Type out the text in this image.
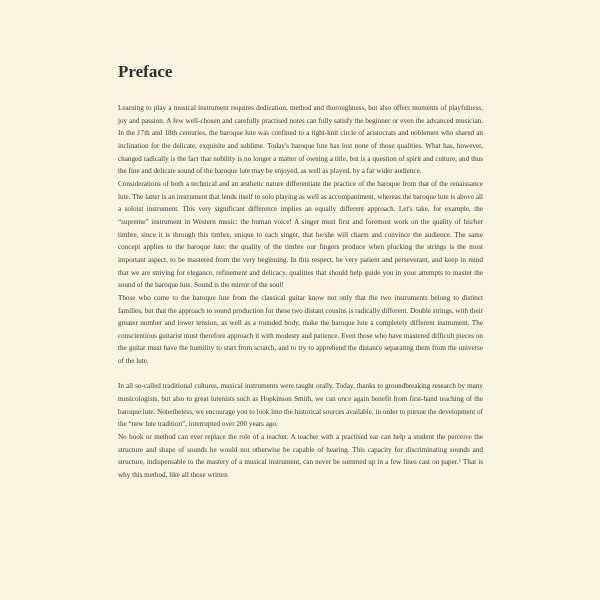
Preface

Learning to play a musical instrument requires dedication, method and thoroughness, but also offers moments of playfulness, joy and passion. A few well-chosen and carefully practised notes can fully satisfy the beginner or even the advanced musician. In the 17th and 18th centuries, the baroque lute was confined to a tight-knit circle of aristocrats and noblemen who shared an inclination for the delicate, exquisite and sublime. Today's baroque lute has lost none of those qualities. What has, however, changed radically is the fact that nobility is no longer a matter of owning a title, but is a question of spirit and culture, and thus the fine and delicate sound of the baroque lute may be enjoyed, as well as played, by a far wider audience.

Considerations of both a technical and an æsthetic nature differentiate the practice of the baroque from that of the renaissance lute. The latter is an instrument that lends itself to solo playing as well as accompaniment, whereas the baroque lute is above all a soloist instrument. This very significant difference implies an equally different approach. Let's take, for example, the “supreme” instrument in Western music: the human voice! A singer must first and foremost work on the quality of his/her timbre, since it is through this timbre, unique to each singer, that he/she will charm and convince the audience. The same concept applies to the baroque lute: the quality of the timbre our fingers produce when plucking the strings is the most important aspect, to be mastered from the very beginning. In this respect, be very patient and perseverant, and keep in mind that we are striving for elegance, refinement and delicacy, qualities that should help guide you in your attempts to master the sound of the baroque lute. Sound is the mirror of the soul!

Those who come to the baroque lute from the classical guitar know not only that the two instruments belong to distinct families, but that the approach to sound production for these two distant cousins is radically different. Double strings, with their greater number and lower tension, as well as a rounded body, make the baroque lute a completely different instrument. The conscientious guitarist must therefore approach it with modesty and patience. Even those who have mastered difficult pieces on the guitar must have the humility to start from scratch, and to try to apprehend the distance separating them from the universe of the lute.

In all so-called traditional cultures, musical instruments were taught orally. Today, thanks to groundbreaking research by many musicologists, but also to great lutenists such as Hopkinson Smith, we can once again benefit from first-hand teaching of the baroque lute. Nonetheless, we encourage you to look into the historical sources available, in order to pursue the development of the “new lute tradition”, interrupted over 200 years ago.

No book or method can ever replace the role of a teacher. A teacher with a practised ear can help a student the perceive the structure and shape of sounds he would not otherwise be capable of hearing. This capacity for discriminating sounds and structure, indispensable to the mastery of a musical instrument, can never be summed up in a few lines cast on paper.$^1$ That is why this method, like all those written
